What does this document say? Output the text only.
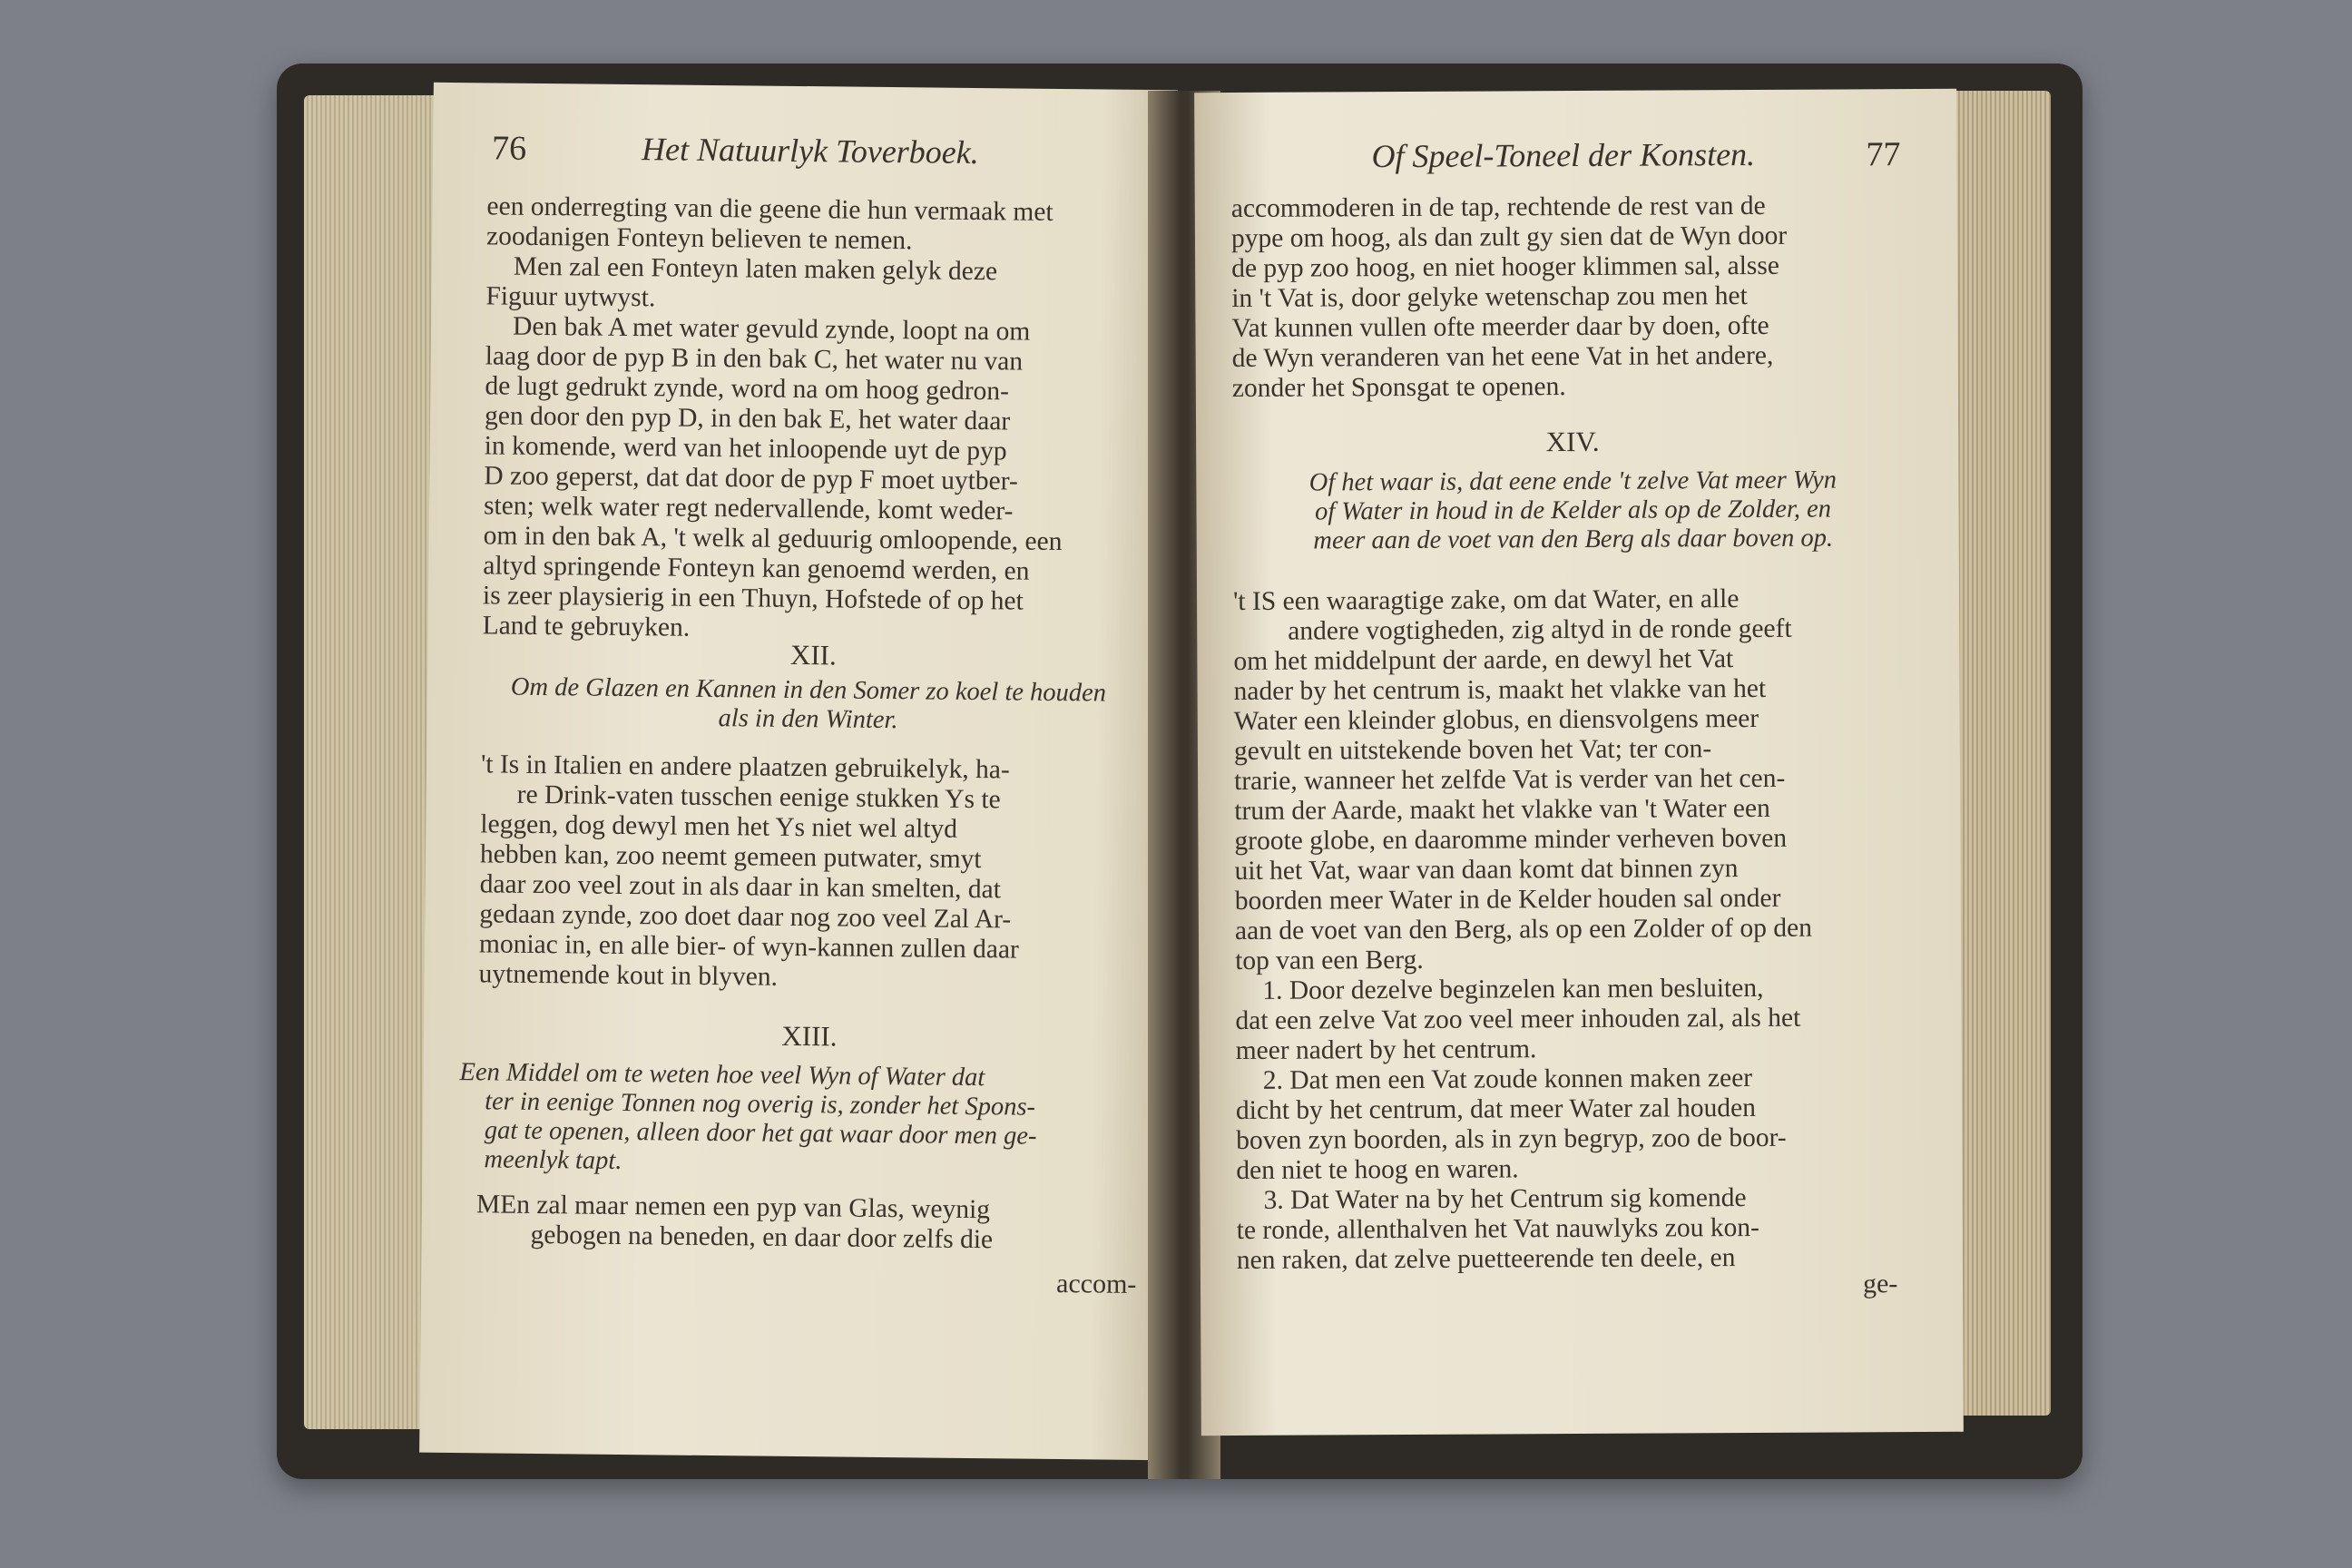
76	Het Natuurlyk Toverboek.
een onderregting van die geene die hun vermaak met
zoodanigen Fonteyn believen te nemen.
Men zal een Fonteyn laten maken gelyk deze
Figuur uytwyst.
Den bak A met water gevuld zynde, loopt na om
laag door de pyp B in den bak C, het water nu van
de lugt gedrukt zynde, word na om hoog gedron-
gen door den pyp D, in den bak E, het water daar
in komende, werd van het inloopende uyt de pyp
D zoo geperst, dat dat door de pyp F moet uytber-
sten; welk water regt nedervallende, komt weder-
om in den bak A, 't welk al geduurig omloopende, een
altyd springende Fonteyn kan genoemd werden, en
is zeer playsierig in een Thuyn, Hofstede of op het
Land te gebruyken.
XII.
Om de Glazen en Kannen in den Somer zo koel te houden
als in den Winter.
't Is in Italien en andere plaatzen gebruikelyk, ha-
re Drink-vaten tusschen eenige stukken Ys te
leggen, dog dewyl men het Ys niet wel altyd
hebben kan, zoo neemt gemeen putwater, smyt
daar zoo veel zout in als daar in kan smelten, dat
gedaan zynde, zoo doet daar nog zoo veel Zal Ar-
moniac in, en alle bier- of wyn-kannen zullen daar
uytnemende kout in blyven.
XIII.
Een Middel om te weten hoe veel Wyn of Water dat
ter in eenige Tonnen nog overig is, zonder het Spons-
gat te openen, alleen door het gat waar door men ge-
meenlyk tapt.
MEn zal maar nemen een pyp van Glas, weynig
gebogen na beneden, en daar door zelfs die
accom-
Of Speel-Toneel der Konsten.	77
accommoderen in de tap, rechtende de rest van de
pype om hoog, als dan zult gy sien dat de Wyn door
de pyp zoo hoog, en niet hooger klimmen sal, alsse
in 't Vat is, door gelyke wetenschap zou men het
Vat kunnen vullen ofte meerder daar by doen, ofte
de Wyn veranderen van het eene Vat in het andere,
zonder het Sponsgat te openen.
XIV.
Of het waar is, dat eene ende 't zelve Vat meer Wyn
of Water in houd in de Kelder als op de Zolder, en
meer aan de voet van den Berg als daar boven op.
't IS een waaragtige zake, om dat Water, en alle
andere vogtigheden, zig altyd in de ronde geeft
om het middelpunt der aarde, en dewyl het Vat
nader by het centrum is, maakt het vlakke van het
Water een kleinder globus, en diensvolgens meer
gevult en uitstekende boven het Vat; ter con-
trarie, wanneer het zelfde Vat is verder van het cen-
trum der Aarde, maakt het vlakke van 't Water een
groote globe, en daaromme minder verheven boven
uit het Vat, waar van daan komt dat binnen zyn
boorden meer Water in de Kelder houden sal onder
aan de voet van den Berg, als op een Zolder of op den
top van een Berg.
1. Door dezelve beginzelen kan men besluiten,
dat een zelve Vat zoo veel meer inhouden zal, als het
meer nadert by het centrum.
2. Dat men een Vat zoude konnen maken zeer
dicht by het centrum, dat meer Water zal houden
boven zyn boorden, als in zyn begryp, zoo de boor-
den niet te hoog en waren.
3. Dat Water na by het Centrum sig komende
te ronde, allenthalven het Vat nauwlyks zou kon-
nen raken, dat zelve puetteerende ten deele, en
ge-
